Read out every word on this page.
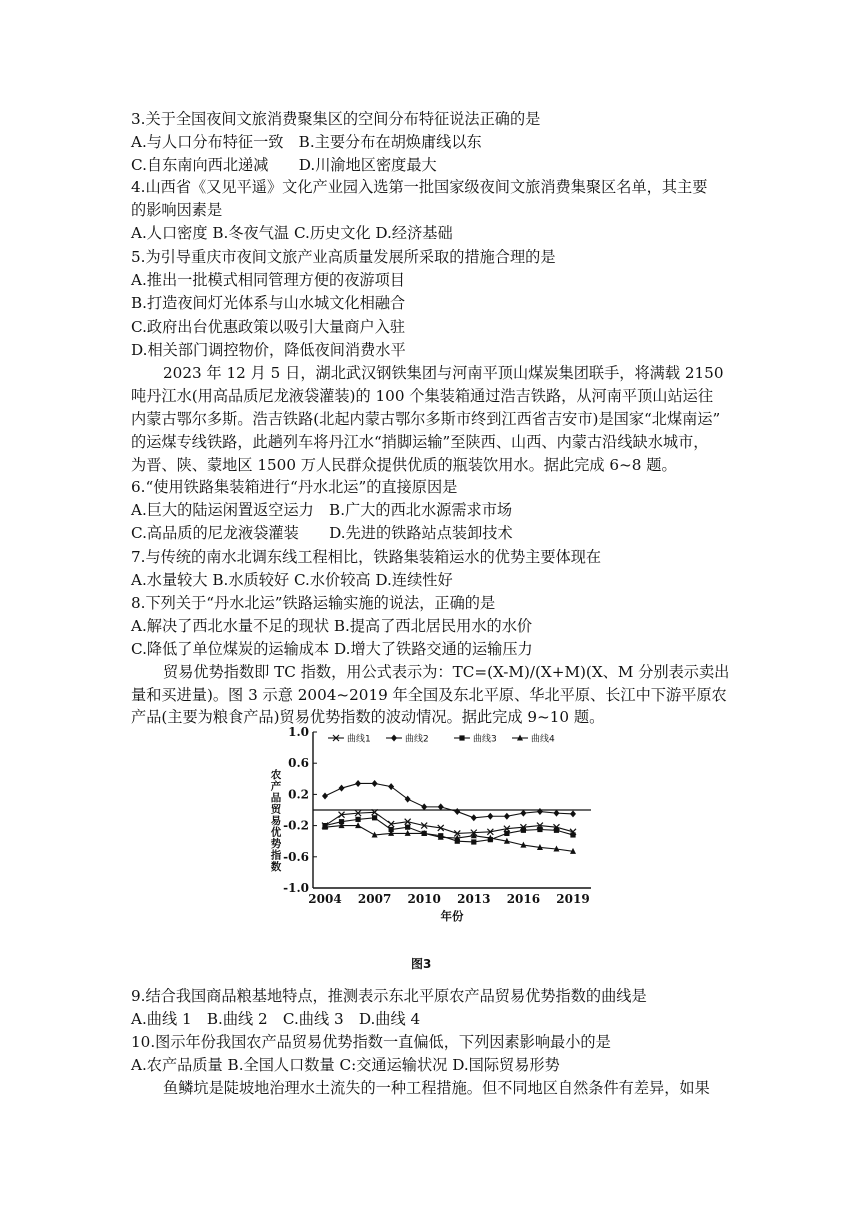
3.关于全国夜间文旅消费聚集区的空间分布特征说法正确的是
A.与人口分布特征一致　B.主要分布在胡焕庸线以东
C.自东南向西北递减　　D.川渝地区密度最大
4.山西省《又见平遥》文化产业园入选第一批国家级夜间文旅消费集聚区名单，其主要
的影响因素是
A.人口密度 B.冬夜气温 C.历史文化 D.经济基础
5.为引导重庆市夜间文旅产业高质量发展所采取的措施合理的是
A.推出一批模式相同管理方便的夜游项目
B.打造夜间灯光体系与山水城文化相融合
C.政府出台优惠政策以吸引大量商户入驻
D.相关部门调控物价，降低夜间消费水平
2023 年 12 月 5 日，湖北武汉钢铁集团与河南平顶山煤炭集团联手，将满载 2150
吨丹江水(用高品质尼龙液袋灌装)的 100 个集装箱通过浩吉铁路，从河南平顶山站运往
内蒙古鄂尔多斯。浩吉铁路(北起内蒙古鄂尔多斯市终到江西省吉安市)是国家“北煤南运”
的运煤专线铁路，此趟列车将丹江水“捎脚运输”至陕西、山西、内蒙古沿线缺水城市，
为晋、陕、蒙地区 1500 万人民群众提供优质的瓶装饮用水。据此完成 6~8 题。
6.“使用铁路集装箱进行“丹水北运”的直接原因是
A.巨大的陆运闲置返空运力　B.广大的西北水源需求市场
C.高品质的尼龙液袋灌装　　D.先进的铁路站点装卸技术
7.与传统的南水北调东线工程相比，铁路集装箱运水的优势主要体现在
A.水量较大 B.水质较好 C.水价较高 D.连续性好
8.下列关于“丹水北运”铁路运输实施的说法，正确的是
A.解决了西北水量不足的现状 B.提高了西北居民用水的水价
C.降低了单位煤炭的运输成本 D.增大了铁路交通的运输压力
贸易优势指数即 TC 指数，用公式表示为：TC=(X-M)/(X+M)(X、M 分别表示卖出
量和买进量)。图 3 示意 2004~2019 年全国及东北平原、华北平原、长江中下游平原农
产品(主要为粮食产品)贸易优势指数的波动情况。据此完成 9~10 题。
1.0
0.6
0.2
-0.2
-0.6
-1.0
农产品贸易优势指数
2004 2007 2010 2013 2016 2019
年份
曲线1	曲线2	曲线3	曲线4
图3
9.结合我国商品粮基地特点，推测表示东北平原农产品贸易优势指数的曲线是
A.曲线 1　B.曲线 2　C.曲线 3　D.曲线 4
10.图示年份我国农产品贸易优势指数一直偏低，下列因素影响最小的是
A.农产品质量 B.全国人口数量 C:交通运输状况 D.国际贸易形势
鱼鳞坑是陡坡地治理水土流失的一种工程措施。但不同地区自然条件有差异，如果
